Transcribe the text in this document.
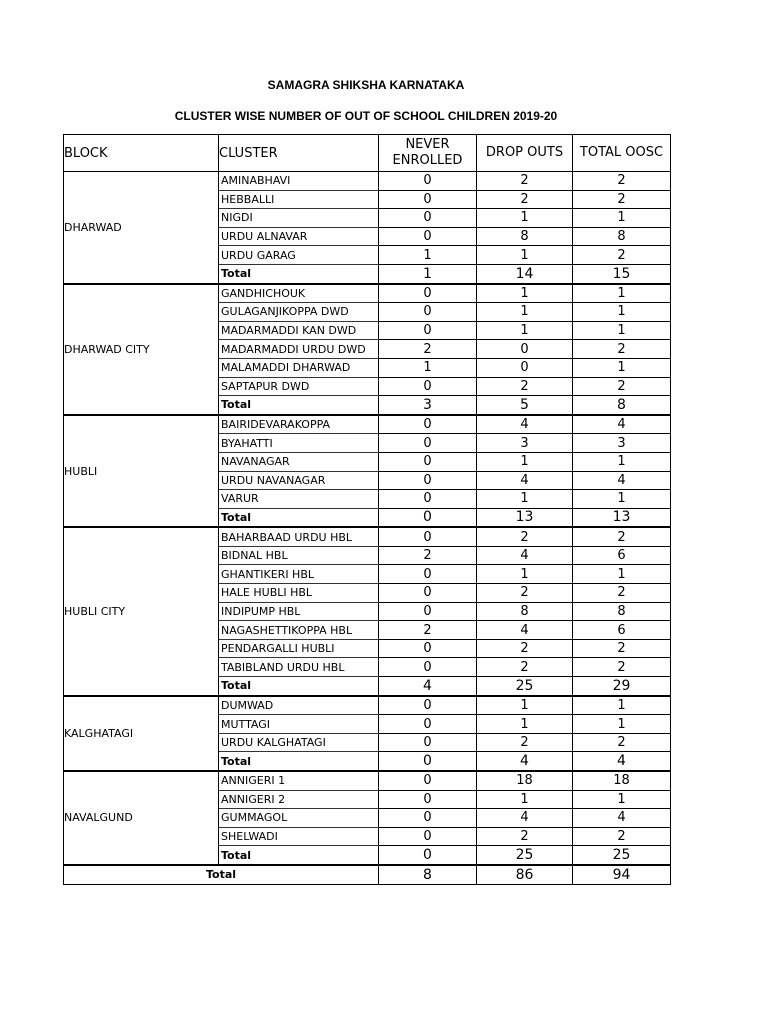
SAMAGRA SHIKSHA KARNATAKA
CLUSTER WISE NUMBER OF OUT OF SCHOOL CHILDREN 2019-20
BLOCK	CLUSTER	NEVER ENROLLED	DROP OUTS	TOTAL OOSC
DHARWAD	AMINABHAVI	0	2	2
	HEBBALLI	0	2	2
	NIGDI	0	1	1
	URDU ALNAVAR	0	8	8
	URDU GARAG	1	1	2
	Total	1	14	15
DHARWAD CITY	GANDHICHOUK	0	1	1
	GULAGANJIKOPPA DWD	0	1	1
	MADARMADDI KAN DWD	0	1	1
	MADARMADDI URDU DWD	2	0	2
	MALAMADDI DHARWAD	1	0	1
	SAPTAPUR DWD	0	2	2
	Total	3	5	8
HUBLI	BAIRIDEVARAKOPPA	0	4	4
	BYAHATTI	0	3	3
	NAVANAGAR	0	1	1
	URDU NAVANAGAR	0	4	4
	VARUR	0	1	1
	Total	0	13	13
HUBLI CITY	BAHARBAAD URDU HBL	0	2	2
	BIDNAL HBL	2	4	6
	GHANTIKERI HBL	0	1	1
	HALE HUBLI HBL	0	2	2
	INDIPUMP HBL	0	8	8
	NAGASHETTIKOPPA HBL	2	4	6
	PENDARGALLI HUBLI	0	2	2
	TABIBLAND URDU HBL	0	2	2
	Total	4	25	29
KALGHATAGI	DUMWAD	0	1	1
	MUTTAGI	0	1	1
	URDU KALGHATAGI	0	2	2
	Total	0	4	4
NAVALGUND	ANNIGERI 1	0	18	18
	ANNIGERI 2	0	1	1
	GUMMAGOL	0	4	4
	SHELWADI	0	2	2
	Total	0	25	25
Total		8	86	94
